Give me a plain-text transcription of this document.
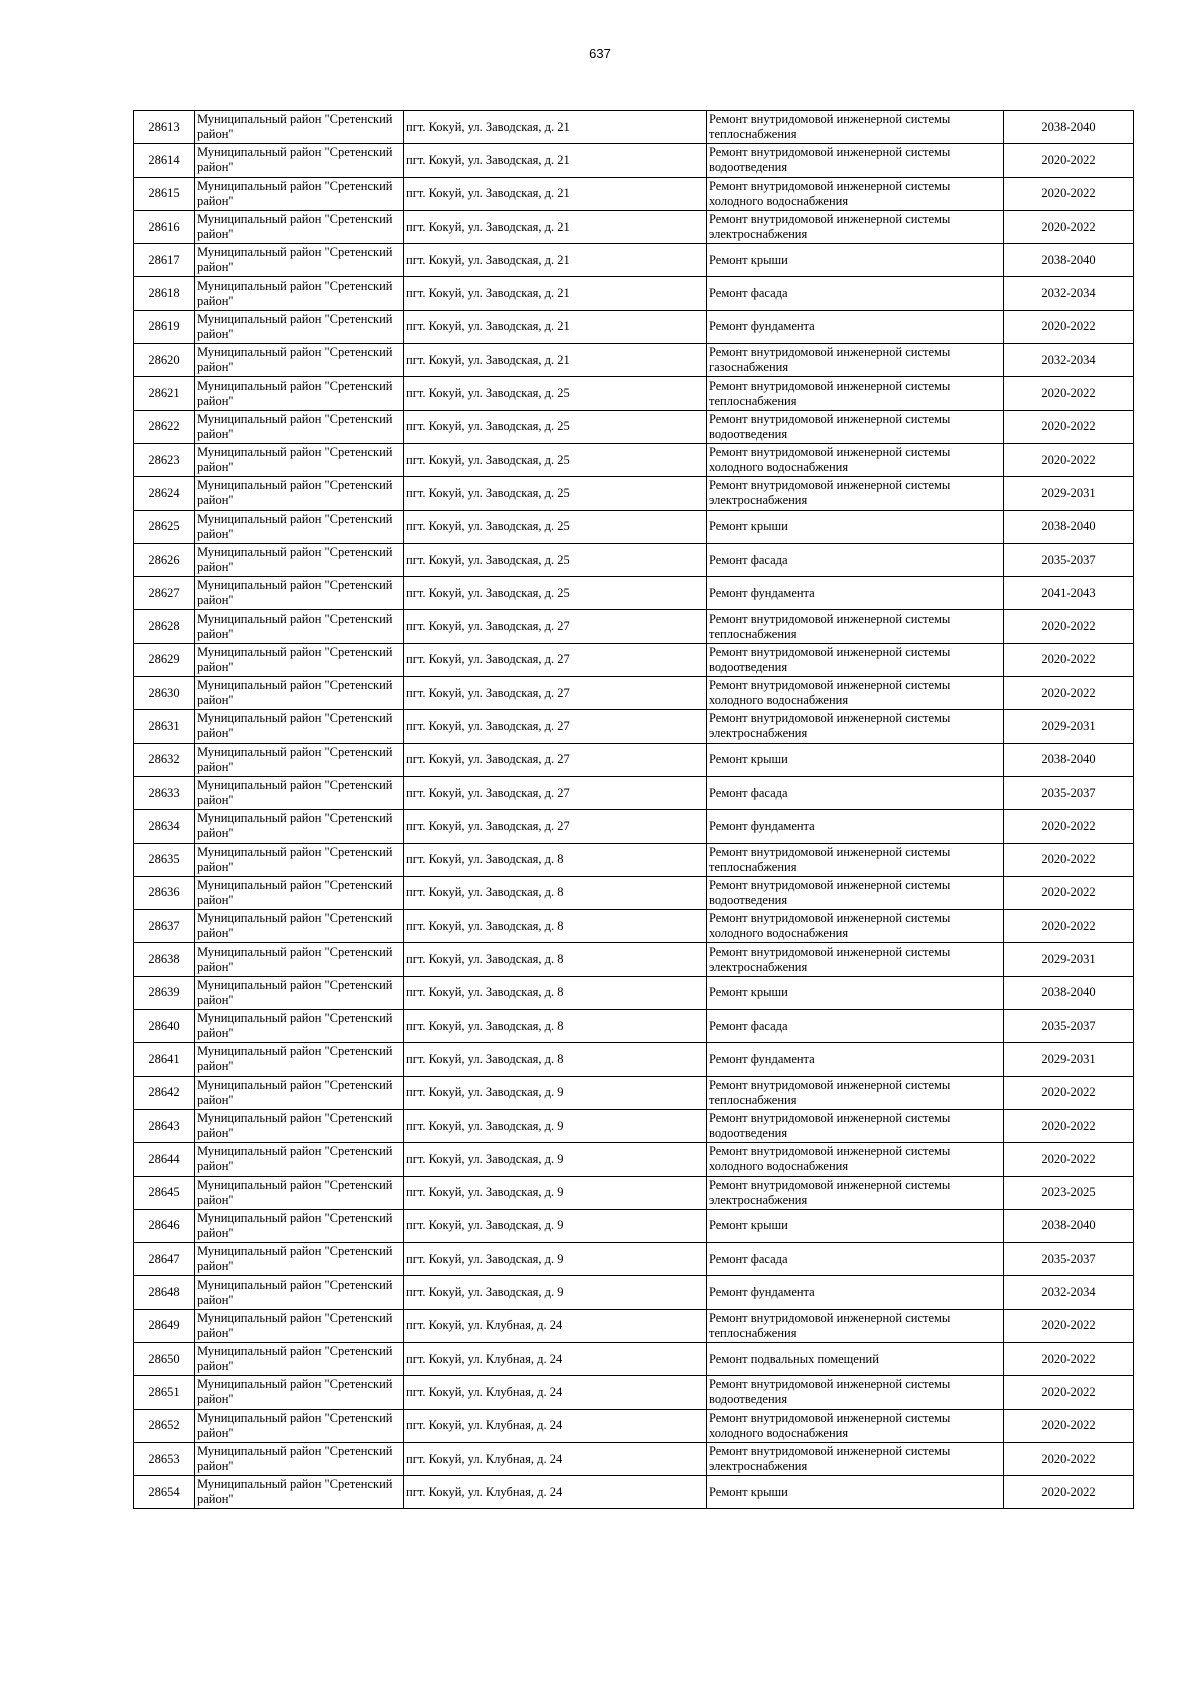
637
28613	Муниципальный район "Сретенский район"	пгт. Кокуй, ул. Заводская, д. 21	Ремонт внутридомовой инженерной системы теплоснабжения	2038-2040
28614	Муниципальный район "Сретенский район"	пгт. Кокуй, ул. Заводская, д. 21	Ремонт внутридомовой инженерной системы водоотведения	2020-2022
28615	Муниципальный район "Сретенский район"	пгт. Кокуй, ул. Заводская, д. 21	Ремонт внутридомовой инженерной системы холодного водоснабжения	2020-2022
28616	Муниципальный район "Сретенский район"	пгт. Кокуй, ул. Заводская, д. 21	Ремонт внутридомовой инженерной системы электроснабжения	2020-2022
28617	Муниципальный район "Сретенский район"	пгт. Кокуй, ул. Заводская, д. 21	Ремонт крыши	2038-2040
28618	Муниципальный район "Сретенский район"	пгт. Кокуй, ул. Заводская, д. 21	Ремонт фасада	2032-2034
28619	Муниципальный район "Сретенский район"	пгт. Кокуй, ул. Заводская, д. 21	Ремонт фундамента	2020-2022
28620	Муниципальный район "Сретенский район"	пгт. Кокуй, ул. Заводская, д. 21	Ремонт внутридомовой инженерной системы газоснабжения	2032-2034
28621	Муниципальный район "Сретенский район"	пгт. Кокуй, ул. Заводская, д. 25	Ремонт внутридомовой инженерной системы теплоснабжения	2020-2022
28622	Муниципальный район "Сретенский район"	пгт. Кокуй, ул. Заводская, д. 25	Ремонт внутридомовой инженерной системы водоотведения	2020-2022
28623	Муниципальный район "Сретенский район"	пгт. Кокуй, ул. Заводская, д. 25	Ремонт внутридомовой инженерной системы холодного водоснабжения	2020-2022
28624	Муниципальный район "Сретенский район"	пгт. Кокуй, ул. Заводская, д. 25	Ремонт внутридомовой инженерной системы электроснабжения	2029-2031
28625	Муниципальный район "Сретенский район"	пгт. Кокуй, ул. Заводская, д. 25	Ремонт крыши	2038-2040
28626	Муниципальный район "Сретенский район"	пгт. Кокуй, ул. Заводская, д. 25	Ремонт фасада	2035-2037
28627	Муниципальный район "Сретенский район"	пгт. Кокуй, ул. Заводская, д. 25	Ремонт фундамента	2041-2043
28628	Муниципальный район "Сретенский район"	пгт. Кокуй, ул. Заводская, д. 27	Ремонт внутридомовой инженерной системы теплоснабжения	2020-2022
28629	Муниципальный район "Сретенский район"	пгт. Кокуй, ул. Заводская, д. 27	Ремонт внутридомовой инженерной системы водоотведения	2020-2022
28630	Муниципальный район "Сретенский район"	пгт. Кокуй, ул. Заводская, д. 27	Ремонт внутридомовой инженерной системы холодного водоснабжения	2020-2022
28631	Муниципальный район "Сретенский район"	пгт. Кокуй, ул. Заводская, д. 27	Ремонт внутридомовой инженерной системы электроснабжения	2029-2031
28632	Муниципальный район "Сретенский район"	пгт. Кокуй, ул. Заводская, д. 27	Ремонт крыши	2038-2040
28633	Муниципальный район "Сретенский район"	пгт. Кокуй, ул. Заводская, д. 27	Ремонт фасада	2035-2037
28634	Муниципальный район "Сретенский район"	пгт. Кокуй, ул. Заводская, д. 27	Ремонт фундамента	2020-2022
28635	Муниципальный район "Сретенский район"	пгт. Кокуй, ул. Заводская, д. 8	Ремонт внутридомовой инженерной системы теплоснабжения	2020-2022
28636	Муниципальный район "Сретенский район"	пгт. Кокуй, ул. Заводская, д. 8	Ремонт внутридомовой инженерной системы водоотведения	2020-2022
28637	Муниципальный район "Сретенский район"	пгт. Кокуй, ул. Заводская, д. 8	Ремонт внутридомовой инженерной системы холодного водоснабжения	2020-2022
28638	Муниципальный район "Сретенский район"	пгт. Кокуй, ул. Заводская, д. 8	Ремонт внутридомовой инженерной системы электроснабжения	2029-2031
28639	Муниципальный район "Сретенский район"	пгт. Кокуй, ул. Заводская, д. 8	Ремонт крыши	2038-2040
28640	Муниципальный район "Сретенский район"	пгт. Кокуй, ул. Заводская, д. 8	Ремонт фасада	2035-2037
28641	Муниципальный район "Сретенский район"	пгт. Кокуй, ул. Заводская, д. 8	Ремонт фундамента	2029-2031
28642	Муниципальный район "Сретенский район"	пгт. Кокуй, ул. Заводская, д. 9	Ремонт внутридомовой инженерной системы теплоснабжения	2020-2022
28643	Муниципальный район "Сретенский район"	пгт. Кокуй, ул. Заводская, д. 9	Ремонт внутридомовой инженерной системы водоотведения	2020-2022
28644	Муниципальный район "Сретенский район"	пгт. Кокуй, ул. Заводская, д. 9	Ремонт внутридомовой инженерной системы холодного водоснабжения	2020-2022
28645	Муниципальный район "Сретенский район"	пгт. Кокуй, ул. Заводская, д. 9	Ремонт внутридомовой инженерной системы электроснабжения	2023-2025
28646	Муниципальный район "Сретенский район"	пгт. Кокуй, ул. Заводская, д. 9	Ремонт крыши	2038-2040
28647	Муниципальный район "Сретенский район"	пгт. Кокуй, ул. Заводская, д. 9	Ремонт фасада	2035-2037
28648	Муниципальный район "Сретенский район"	пгт. Кокуй, ул. Заводская, д. 9	Ремонт фундамента	2032-2034
28649	Муниципальный район "Сретенский район"	пгт. Кокуй, ул. Клубная, д. 24	Ремонт внутридомовой инженерной системы теплоснабжения	2020-2022
28650	Муниципальный район "Сретенский район"	пгт. Кокуй, ул. Клубная, д. 24	Ремонт подвальных помещений	2020-2022
28651	Муниципальный район "Сретенский район"	пгт. Кокуй, ул. Клубная, д. 24	Ремонт внутридомовой инженерной системы водоотведения	2020-2022
28652	Муниципальный район "Сретенский район"	пгт. Кокуй, ул. Клубная, д. 24	Ремонт внутридомовой инженерной системы холодного водоснабжения	2020-2022
28653	Муниципальный район "Сретенский район"	пгт. Кокуй, ул. Клубная, д. 24	Ремонт внутридомовой инженерной системы электроснабжения	2020-2022
28654	Муниципальный район "Сретенский район"	пгт. Кокуй, ул. Клубная, д. 24	Ремонт крыши	2020-2022
